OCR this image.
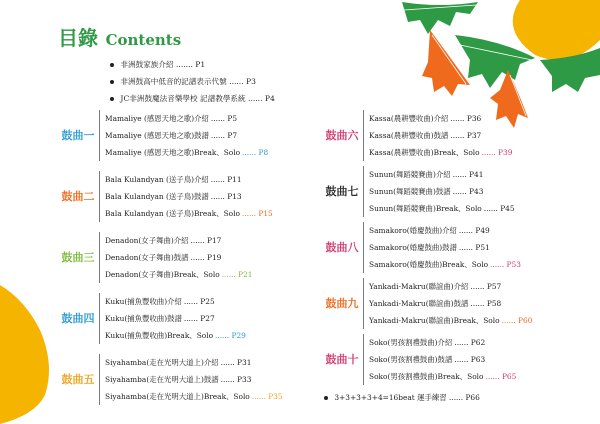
目錄 Contents
非洲鼓家族介紹 ....... P1
非洲鼓高中低音的記譜表示代號 ...... P3
JC非洲鼓魔法音樂學校 記譜教學系統 ...... P4
鼓曲一
Mamaliye (感恩天地之歌)介紹 ...... P5
Mamaliye (感恩天地之歌)鼓譜 ...... P7
Mamaliye (感恩天地之歌)Break、Solo ...... P8
鼓曲二
Bala Kulandyan (送子鳥)介紹 ...... P11
Bala Kulandyan (送子鳥)鼓譜 ...... P13
Bala Kulandyan (送子鳥)Break、Solo ...... P15
鼓曲三
Denadon(女子舞曲)介紹 ...... P17
Denadon(女子舞曲)鼓譜 ...... P19
Denadon(女子舞曲)Break、Solo ...... P21
鼓曲四
Kuku(捕魚豐收曲)介紹 ...... P25
Kuku(捕魚豐收曲)鼓譜 ...... P27
Kuku(捕魚豐收曲)Break、Solo ...... P29
鼓曲五
Siyahamba(走在光明大道上)介紹 ...... P31
Siyahamba(走在光明大道上)鼓譜 ...... P33
Siyahamba(走在光明大道上)Break、Solo ...... P35
鼓曲六
Kassa(農耕豐收曲)介紹 ...... P36
Kassa(農耕豐收曲)鼓譜 ...... P37
Kassa(農耕豐收曲)Break、Solo ...... P39
鼓曲七
Sunun(舞蹈競賽曲)介紹 ...... P41
Sunun(舞蹈競賽曲)鼓譜 ...... P43
Sunun(舞蹈競賽曲)Break、Solo ...... P45
鼓曲八
Samakoro(婚慶鼓曲)介紹 ...... P49
Samakoro(婚慶鼓曲)鼓譜 ...... P51
Samakoro(婚慶鼓曲)Break、Solo ...... P53
鼓曲九
Yankadi-Makru(聯誼曲)介紹 ...... P57
Yankadi-Makru(聯誼曲)鼓譜 ...... P58
Yankadi-Makru(聯誼曲)Break、Solo ...... P60
鼓曲十
Soko(男孩割禮鼓曲)介紹 ...... P62
Soko(男孩割禮鼓曲)鼓譜 ...... P63
Soko(男孩割禮鼓曲)Break、Solo ...... P65
3+3+3+3+4=16beat 運手練習 ...... P66
